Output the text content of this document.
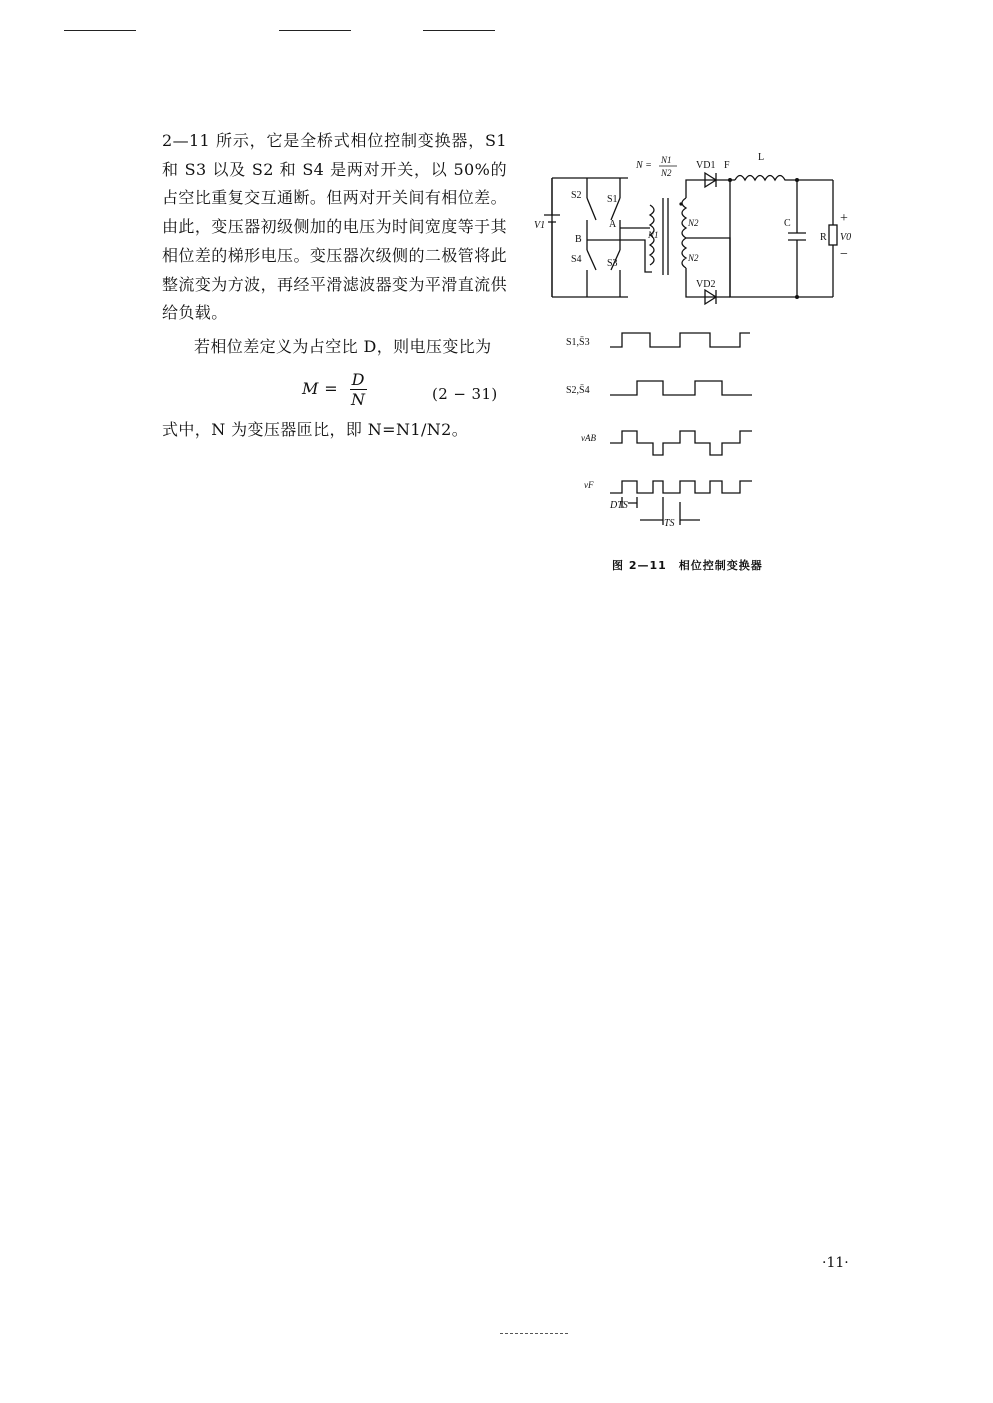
2—11 所示，它是全桥式相位控制变换器，S1和 S3 以及 S2 和 S4 是两对开关，以 50%的占空比重复交互通断。但两对开关间有相位差。由此，变压器初级侧加的电压为时间宽度等于其相位差的梯形电压。变压器次级侧的二极管将此整流变为方波，再经平滑滤波器变为平滑直流供给负载。

若相位差定义为占空比 D，则电压变比为

$M = \frac{D}{N}$	(2 − 31)

式中，N 为变压器匝比，即 N=N1/N2。

N = N1
N2
VD1 F
L
C
R V0
+
−
V1
S2	S1
S4	S3
A
B	N1
N2
N2
VD2
S1,S̄3
S2,S̄4
vAB
vF
DTS
TS
图 2—11　相位控制变换器
·11·
